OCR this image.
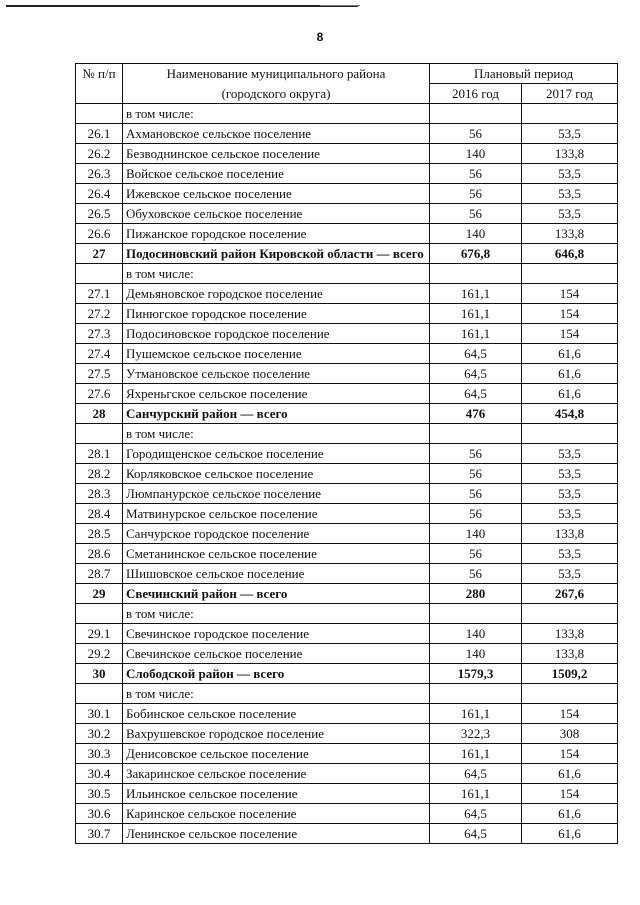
8
№ п/п	Наименование муниципального района	Плановый период	
	(городского округа)	2016 год	2017 год
	в том числе:		
26.1	Ахмановское сельское поселение	56	53,5
26.2	Безводнинское сельское поселение	140	133,8
26.3	Войское сельское поселение	56	53,5
26.4	Ижевское сельское поселение	56	53,5
26.5	Обуховское сельское поселение	56	53,5
26.6	Пижанское городское поселение	140	133,8
27	Подосиновский район Кировской области — всего	676,8	646,8
	в том числе:		
27.1	Демьяновское городское поселение	161,1	154
27.2	Пинюгское городское поселение	161,1	154
27.3	Подосиновское городское поселение	161,1	154
27.4	Пушемское сельское поселение	64,5	61,6
27.5	Утмановское сельское поселение	64,5	61,6
27.6	Яхреньгское сельское поселение	64,5	61,6
28	Санчурский район — всего	476	454,8
	в том числе:		
28.1	Городищенское сельское поселение	56	53,5
28.2	Корляковское сельское поселение	56	53,5
28.3	Люмпанурское сельское поселение	56	53,5
28.4	Матвинурское сельское поселение	56	53,5
28.5	Санчурское городское поселение	140	133,8
28.6	Сметанинское сельское поселение	56	53,5
28.7	Шишовское сельское поселение	56	53,5
29	Свечинский район — всего	280	267,6
	в том числе:		
29.1	Свечинское городское поселение	140	133,8
29.2	Свечинское сельское поселение	140	133,8
30	Слободской район — всего	1579,3	1509,2
	в том числе:		
30.1	Бобинское сельское поселение	161,1	154
30.2	Вахрушевское городское поселение	322,3	308
30.3	Денисовское сельское поселение	161,1	154
30.4	Закаринское сельское поселение	64,5	61,6
30.5	Ильинское сельское поселение	161,1	154
30.6	Каринское сельское поселение	64,5	61,6
30.7	Ленинское сельское поселение	64,5	61,6
